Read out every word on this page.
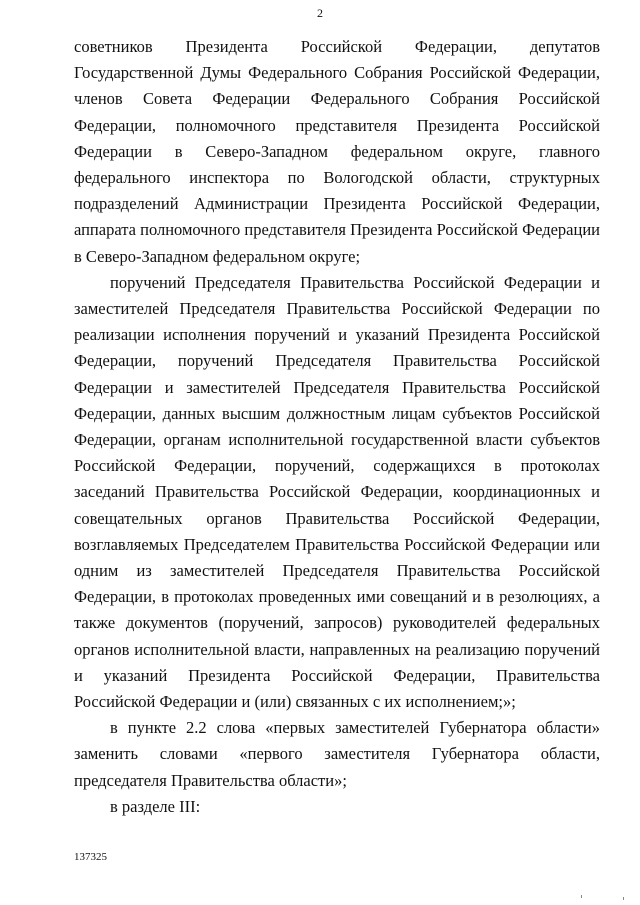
2

советников Президента Российской Федерации, депутатов Государственной Думы Федерального Собрания Российской Федерации, членов Совета Федерации Федерального Собрания Российской Федерации, полномочного представителя Президента Российской Федерации в Северо-Западном федеральном округе, главного федерального инспектора по Вологодской области, структурных подразделений Администрации Президента Российской Федерации, аппарата полномочного представителя Президента Российской Федерации в Северо-Западном федеральном округе;

поручений Председателя Правительства Российской Федерации и заместителей Председателя Правительства Российской Федерации по реализации исполнения поручений и указаний Президента Российской Федерации, поручений Председателя Правительства Российской Федерации и заместителей Председателя Правительства Российской Федерации, данных высшим должностным лицам субъектов Российской Федерации, органам исполнительной государственной власти субъектов Российской Федерации, поручений, содержащихся в протоколах заседаний Правительства Российской Федерации, координационных и совещательных органов Правительства Российской Федерации, возглавляемых Председателем Правительства Российской Федерации или одним из заместителей Председателя Правительства Российской Федерации, в протоколах проведенных ими совещаний и в резолюциях, а также документов (поручений, запросов) руководителей федеральных органов исполнительной власти, направленных на реализацию поручений и указаний Президента Российской Федерации, Правительства Российской Федерации и (или) связанных с их исполнением;»;

в пункте 2.2 слова «первых заместителей Губернатора области» заменить словами «первого заместителя Губернатора области, председателя Правительства области»;

в разделе III:

137325
